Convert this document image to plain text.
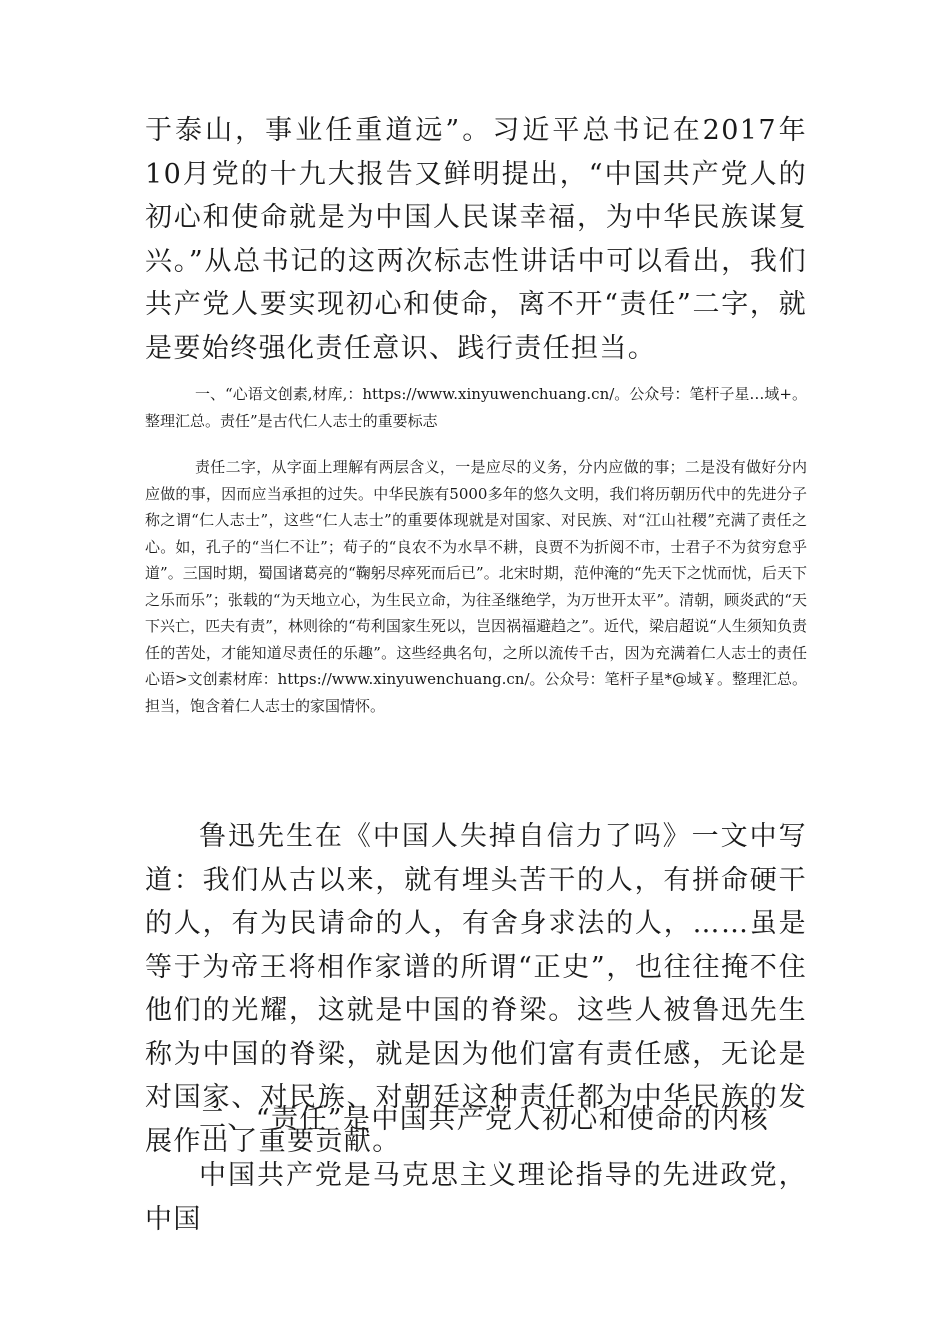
于泰山，事业任重道远”。习近平总书记在2017年10月党的十九大报告又鲜明提出，“中国共产党人的初心和使命就是为中国人民谋幸福，为中华民族谋复兴。”从总书记的这两次标志性讲话中可以看出，我们共产党人要实现初心和使命，离不开“责任”二字，就是要始终强化责任意识、践行责任担当。

一、“心语文创素,材库,：https://www.xinyuwenchuang.cn/。公众号：笔杆子星…域+。整理汇总。责任”是古代仁人志士的重要标志

责任二字，从字面上理解有两层含义，一是应尽的义务，分内应做的事；二是没有做好分内应做的事，因而应当承担的过失。中华民族有5000多年的悠久文明，我们将历朝历代中的先进分子称之谓“仁人志士”，这些“仁人志士”的重要体现就是对国家、对民族、对“江山社稷”充满了责任之心。如，孔子的“当仁不让”；荀子的“良农不为水旱不耕，良贾不为折阅不市，士君子不为贫穷怠乎道”。三国时期，蜀国诸葛亮的“鞠躬尽瘁死而后已”。北宋时期，范仲淹的“先天下之忧而忧，后天下之乐而乐”；张载的“为天地立心，为生民立命，为往圣继绝学，为万世开太平”。清朝，顾炎武的“天下兴亡，匹夫有责”，林则徐的“苟利国家生死以，岂因祸福避趋之”。近代，梁启超说“人生须知负责任的苦处，才能知道尽责任的乐趣”。这些经典名句，之所以流传千古，因为充满着仁人志士的责任心语>文创素材库：https://www.xinyuwenchuang.cn/。公众号：笔杆子星*@域￥。整理汇总。担当，饱含着仁人志士的家国情怀。

鲁迅先生在《中国人失掉自信力了吗》一文中写道：我们从古以来，就有埋头苦干的人，有拼命硬干的人，有为民请命的人，有舍身求法的人，……虽是等于为帝王将相作家谱的所谓“正史”，也往往掩不住他们的光耀，这就是中国的脊梁。这些人被鲁迅先生称为中国的脊梁，就是因为他们富有责任感，无论是对国家、对民族、对朝廷这种责任都为中华民族的发展作出了重要贡献。

二、“责任”是中国共产党人初心和使命的内核

中国共产党是马克思主义理论指导的先进政党，中国
